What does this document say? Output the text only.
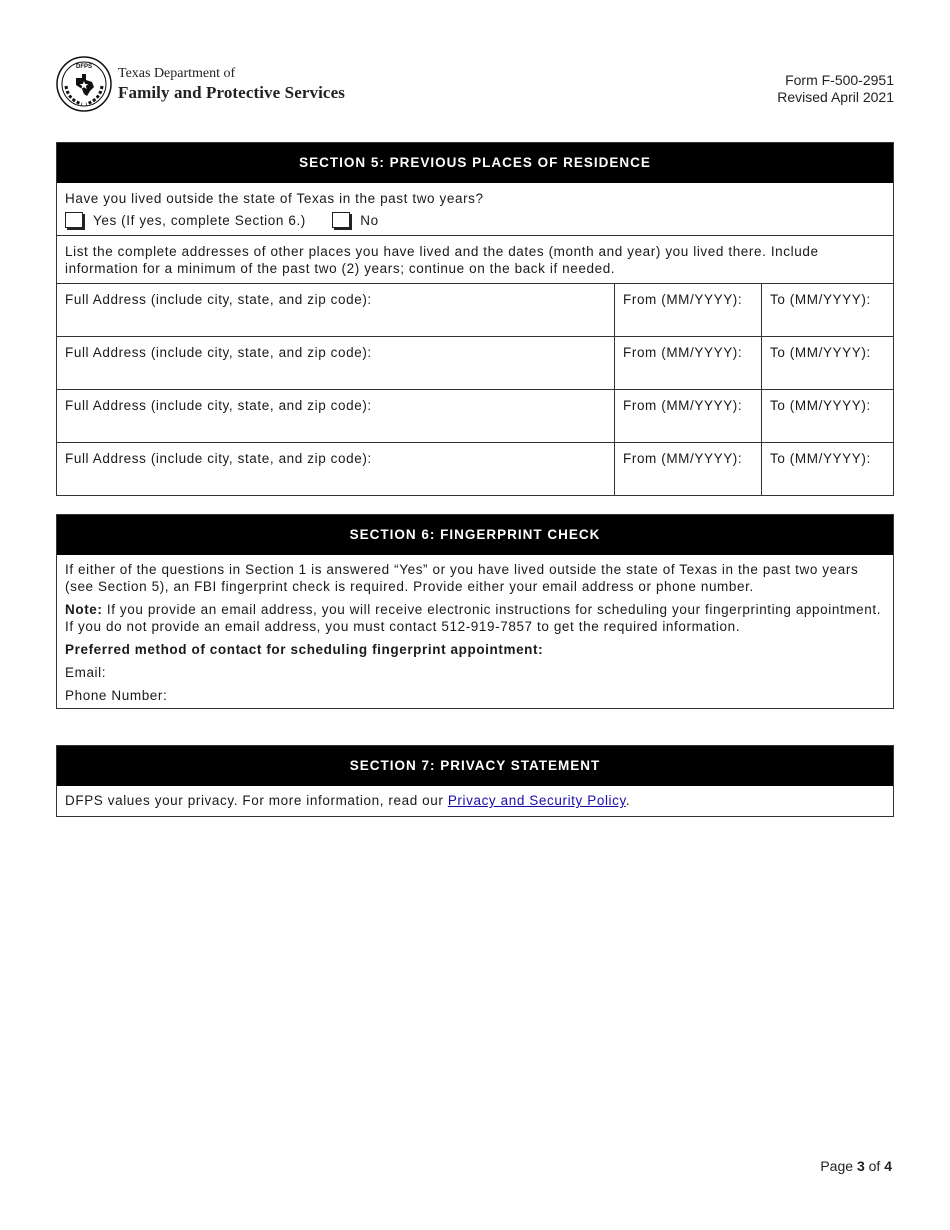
DFPS Texas Department of
Family and Protective Services
Form F-500-2951
Revised April 2021
SECTION 5: PREVIOUS PLACES OF RESIDENCE
Have you lived outside the state of Texas in the past two years?
Yes (If yes, complete Section 6.)	No
List the complete addresses of other places you have lived and the dates (month and year) you lived there. Include information for a minimum of the past two (2) years; continue on the back if needed.
Full Address (include city, state, and zip code):	From (MM/YYYY):	To (MM/YYYY):
Full Address (include city, state, and zip code):	From (MM/YYYY):	To (MM/YYYY):
Full Address (include city, state, and zip code):	From (MM/YYYY):	To (MM/YYYY):
Full Address (include city, state, and zip code):	From (MM/YYYY):	To (MM/YYYY):
SECTION 6: FINGERPRINT CHECK
If either of the questions in Section 1 is answered “Yes” or you have lived outside the state of Texas in the past two years (see Section 5), an FBI fingerprint check is required. Provide either your email address or phone number.
Note: If you provide an email address, you will receive electronic instructions for scheduling your fingerprinting appointment. If you do not provide an email address, you must contact 512-919-7857 to get the required information.
Preferred method of contact for scheduling fingerprint appointment:
Email:
Phone Number:
SECTION 7: PRIVACY STATEMENT
DFPS values your privacy. For more information, read our Privacy and Security Policy.
Page 3 of 4
